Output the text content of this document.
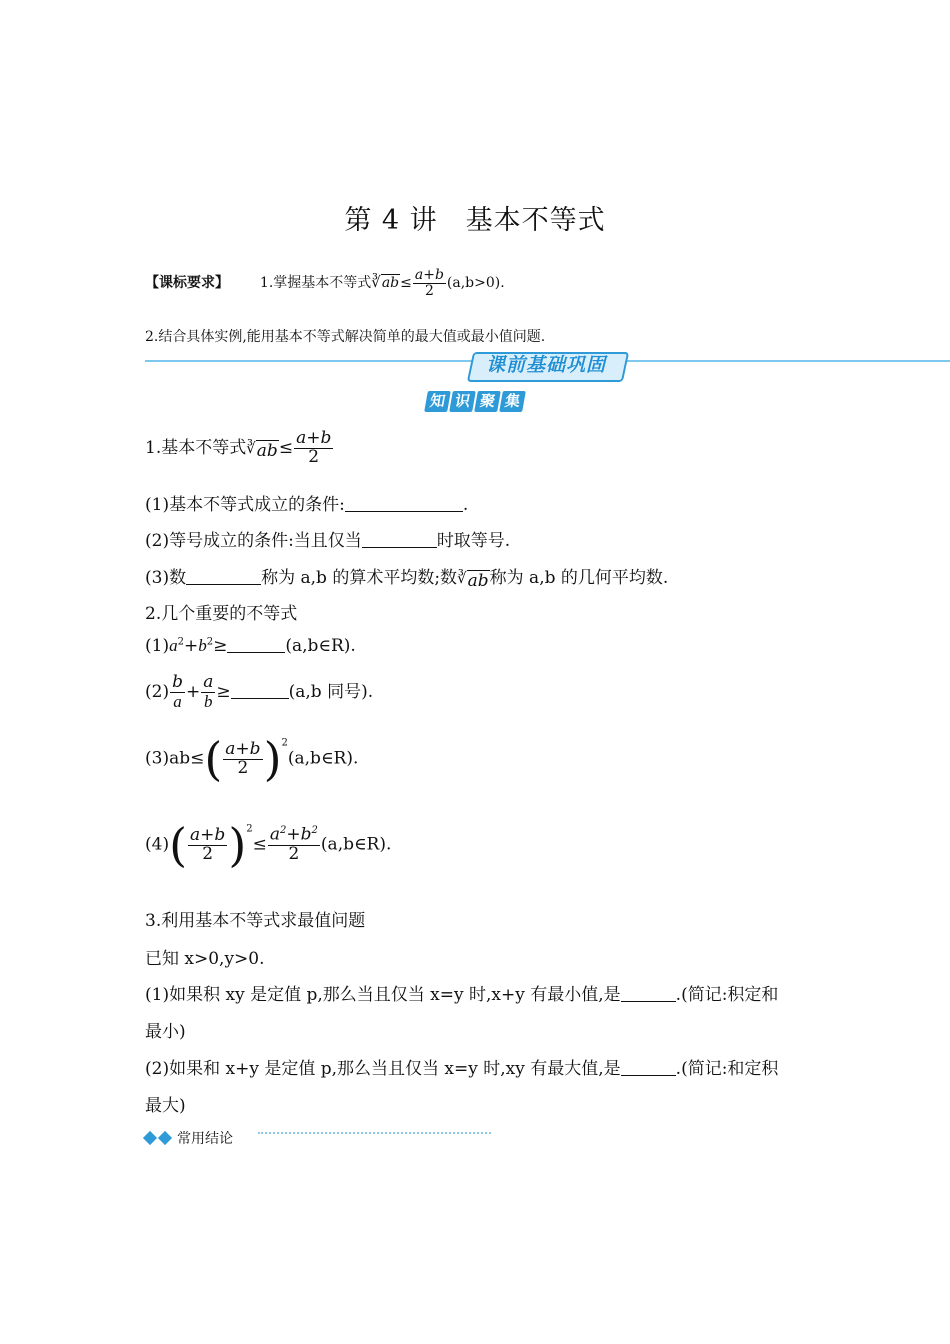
第 4 讲　基本不等式
【课标要求】 1.掌握基本不等式 ∛ ab ≤ $\frac{a+b}{2} (a,b>0)$.
2.结合具体实例,能用基本不等式解决简单的最大值或最小值问题.
课前基础巩固
知 识 聚 集
1.基本不等式 ∛ ab ≤ $\frac{a+b}{2}$
(1)基本不等式成立的条件:	.
(2)等号成立的条件:当且仅当	时取等号.
(3)数	称为 a,b 的算术平均数;数 ∛ ab 称为 a,b 的几何平均数.
2.几个重要的不等式
$(1)a^2+b^2\ge$	(a,b∈R).
$(2) \frac{b}{a} + \frac{a}{b}$ ≥	(a,b 同号).
$(3)ab\le( \frac{a+b}{2}$ )$^2(a,b\in R)$.
$(4)( \frac{a+b}{2} )^2\le \frac{a^2+b^2}{2}$ (a,b∈R).
3.利用基本不等式求最值问题
已知 x>0,y>0.
(1)如果积 xy 是定值 p,那么当且仅当 x=y 时,x+y 有最小值,是	.(简记:积定和
最小)
(2)如果和 x+y 是定值 p,那么当且仅当 x=y 时,xy 有最大值,是	.(简记:和定积
最大)
常用结论
